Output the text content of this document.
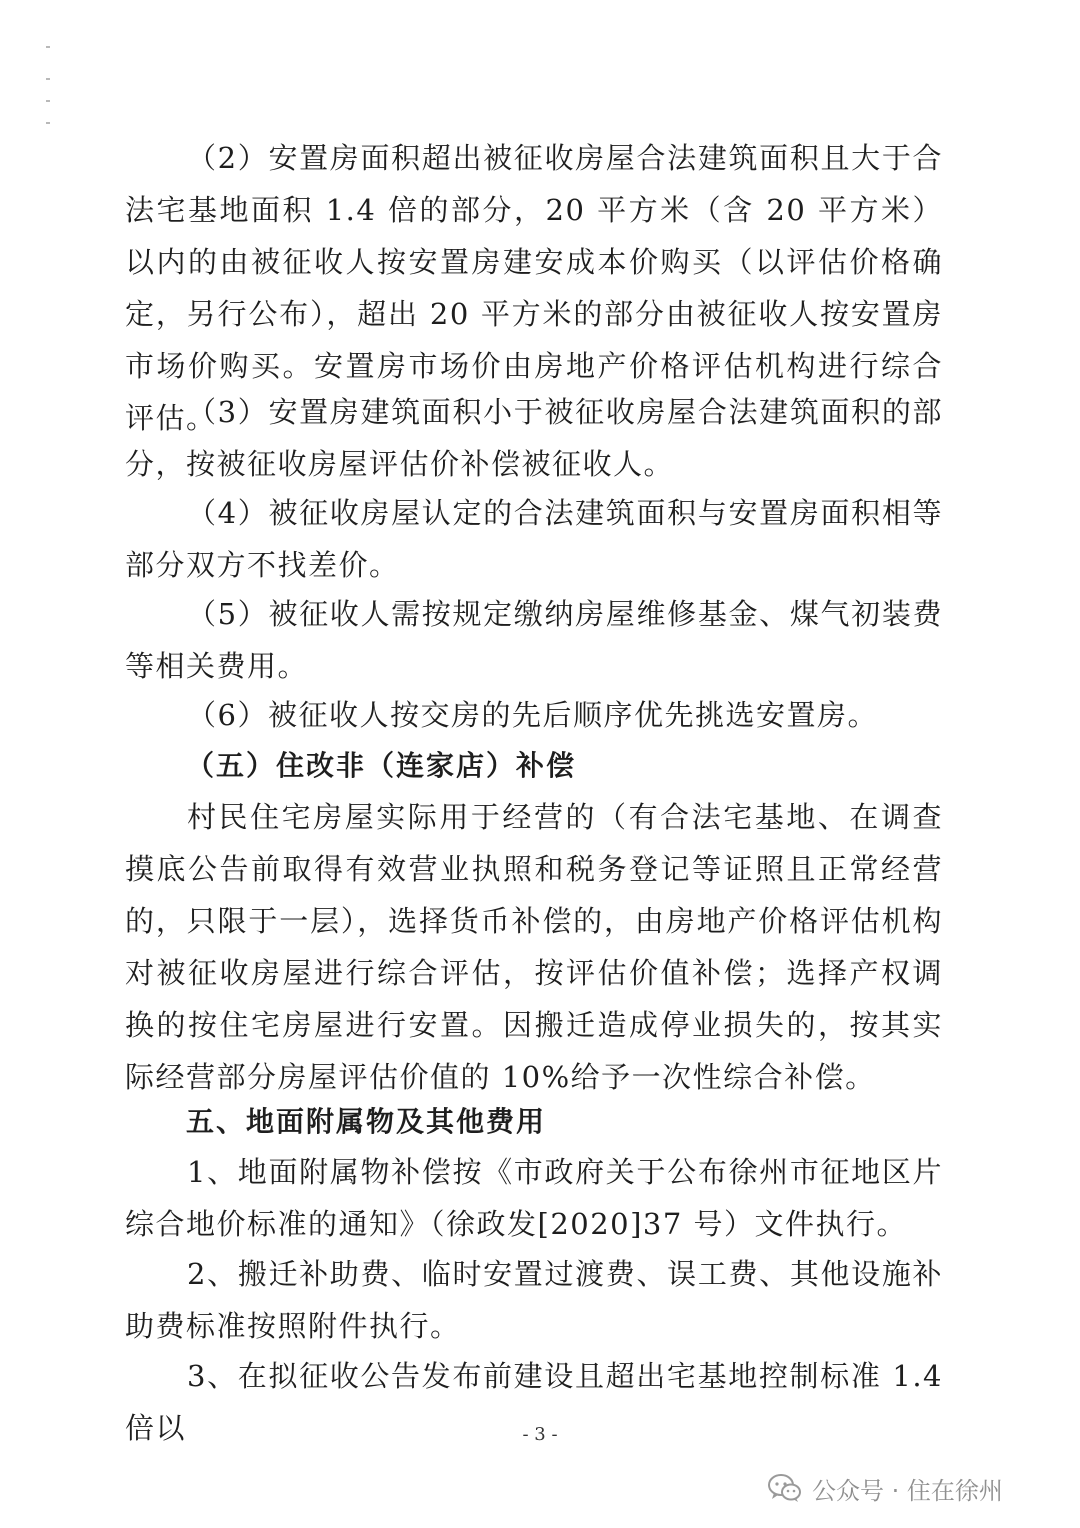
（2）安置房面积超出被征收房屋合法建筑面积且大于合法宅基地面积 1.4 倍的部分，20 平方米（含 20 平方米）以内的由被征收人按安置房建安成本价购买（以评估价格确定，另行公布），超出 20 平方米的部分由被征收人按安置房市场价购买。安置房市场价由房地产价格评估机构进行综合评估。

（3）安置房建筑面积小于被征收房屋合法建筑面积的部分，按被征收房屋评估价补偿被征收人。

（4）被征收房屋认定的合法建筑面积与安置房面积相等部分双方不找差价。

（5）被征收人需按规定缴纳房屋维修基金、煤气初装费等相关费用。

（6）被征收人按交房的先后顺序优先挑选安置房。

（五）住改非（连家店）补偿

村民住宅房屋实际用于经营的（有合法宅基地、在调查摸底公告前取得有效营业执照和税务登记等证照且正常经营的，只限于一层），选择货币补偿的，由房地产价格评估机构对被征收房屋进行综合评估，按评估价值补偿；选择产权调换的按住宅房屋进行安置。因搬迁造成停业损失的，按其实际经营部分房屋评估价值的 10%给予一次性综合补偿。

五、地面附属物及其他费用

1、地面附属物补偿按《市政府关于公布徐州市征地区片综合地价标准的通知》（徐政发[2020]37 号）文件执行。

2、搬迁补助费、临时安置过渡费、误工费、其他设施补助费标准按照附件执行。

3、在拟征收公告发布前建设且超出宅基地控制标准 1.4 倍以	- 3 -
公众号 · 住在徐州
